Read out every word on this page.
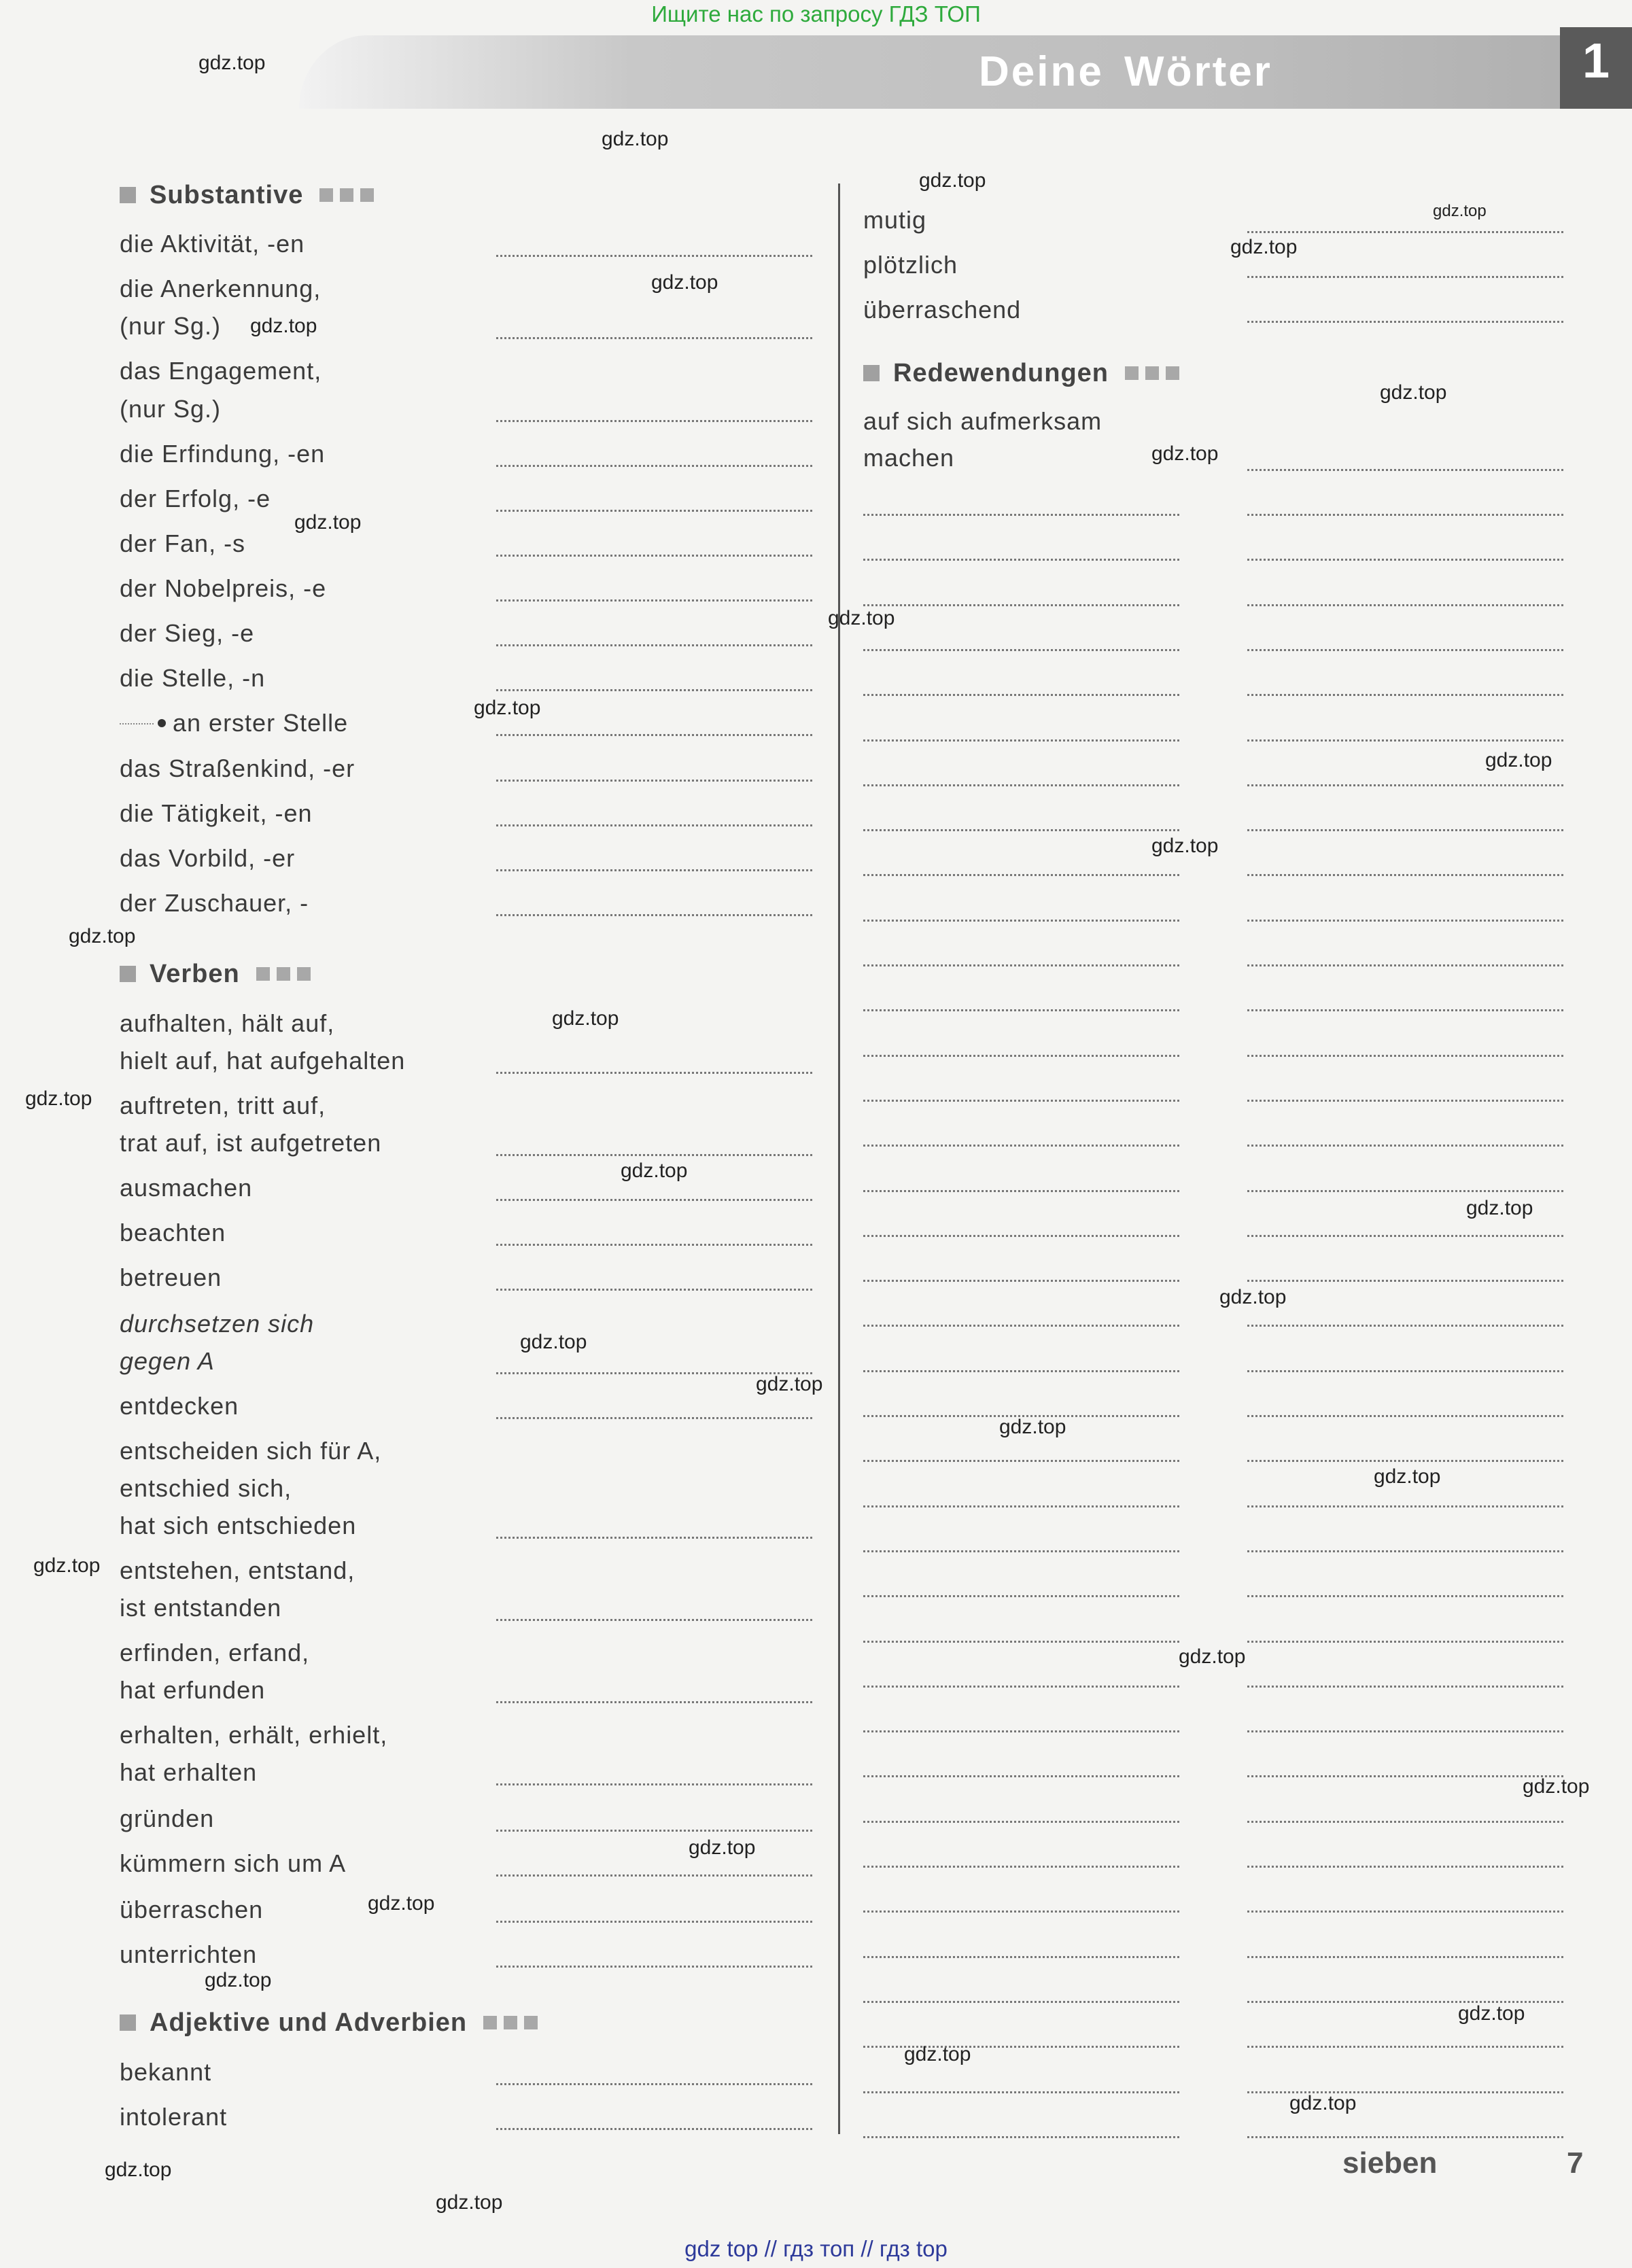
Ищите нас по запросу ГДЗ ТОП
Deine Wörter	1
Substantive
die Aktivität, -en
die Anerkennung,
(nur Sg.)
das Engagement,
(nur Sg.)
die Erfindung, -en
der Erfolg, -e
der Fan, -s
der Nobelpreis, -e
der Sieg, -e
die Stelle, -n
an erster Stelle
das Straßenkind, -er
die Tätigkeit, -en
das Vorbild, -er
der Zuschauer, -
Verben
aufhalten, hält auf,
hielt auf, hat aufgehalten
auftreten, tritt auf,
trat auf, ist aufgetreten
ausmachen
beachten
betreuen
durchsetzen sich
gegen A
entdecken
entscheiden sich für A,
entschied sich,
hat sich entschieden
entstehen, entstand,
ist entstanden
erfinden, erfand,
hat erfunden
erhalten, erhält, erhielt,
hat erhalten
gründen
kümmern sich um A
überraschen
unterrichten
Adjektive und Adverbien
bekannt
intolerant
mutig
plötzlich
überraschend
Redewendungen
auf sich aufmerksam
machen
sieben	7
gdz top // гдз топ // гдз top
gdz.top
gdz.top
gdz.top
gdz.top
gdz.top
gdz.top
gdz.top
gdz.top
gdz.top
gdz.top
gdz.top
gdz.top
gdz.top
gdz.top
gdz.top
gdz.top
gdz.top
gdz.top
gdz.top
gdz.top
gdz.top
gdz.top
gdz.top
gdz.top
gdz.top
gdz.top
gdz.top
gdz.top
gdz.top
gdz.top
gdz.top
gdz.top
gdz.top
gdz.top
gdz.top
